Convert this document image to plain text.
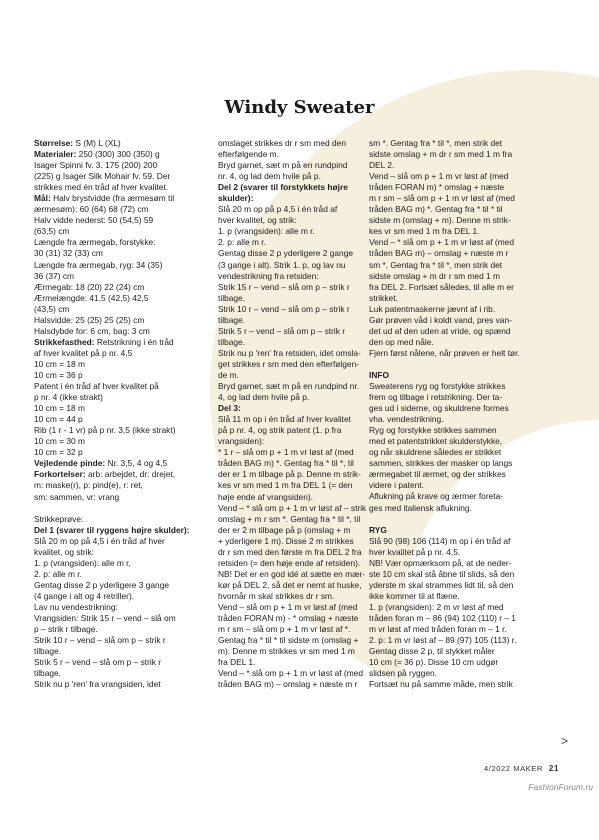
Windy Sweater
Størrelse: S (M) L (XL)
Materialer: 250 (300) 300 (350) g
Isager Spinni fv. 3. 175 (200) 200
(225) g Isager Silk Mohair fv. 59. Der
strikkes med én tråd af hver kvalitet.
Mål: Halv brystvidde (fra ærmesøm til
ærmesøm): 60 (64) 68 (72) cm
Halv vidde nederst: 50 (54,5) 59
(63,5) cm
Længde fra ærmegab, forstykke:
30 (31) 32 (33) cm
Længde fra ærmegab, ryg: 34 (35)
36 (37) cm
Ærmegab: 18 (20) 22 (24) cm
Ærmelængde: 41,5 (42,5) 42,5
(43,5) cm
Halsvidde: 25 (25) 25 (25) cm
Halsdybde for: 6 cm, bag: 3 cm
Strikkefasthed: Retstrikning i én tråd
af hver kvalitet på p nr. 4,5
10 cm = 18 m
10 cm = 36 p
Patent i én tråd af hver kvalitet på
p nr. 4 (ikke strakt)
10 cm = 18 m
10 cm = 44 p
Rib (1 r - 1 vr) på p nr. 3,5 (ikke strakt)
10 cm = 30 m
10 cm = 32 p
Vejledende pinde: Nr. 3,5, 4 og 4,5
Forkortelser: arb: arbejdet, dr: drejet,
m: maske(r), p: pind(e), r: ret,
sm: sammen, vr: vrang
Strikkeprøve:
Del 1 (svarer til ryggens højre skulder):
Slå 20 m op på 4,5 i én tråd af hver
kvalitet, og strik:
1. p (vrangsiden): alle m r.
2. p: alle m r.
Gentag disse 2 p yderligere 3 gange
(4 gange i alt og 4 retriller).
Lav nu vendestrikning:
Vrangsiden: Strik 15 r – vend – slå om
p – strik r tilbage.
Strik 10 r – vend – slå om p – strik r
tilbage.
Strik 5 r – vend – slå om p – strik r
tilbage.
Strik nu p 'ren' fra vrangsiden, idet
omslaget strikkes dr r sm med den
efterfølgende m.
Bryd garnet, sæt m på en rundpind
nr. 4, og lad dem hvile på p.
Del 2 (svarer til forstykkets højre
skulder):
Slå 20 m op på p 4,5 i én tråd af
hver kvalitet, og strik:
1. p (vrangsiden): alle m r.
2. p: alle m r.
Gentag disse 2 p yderligere 2 gange
(3 gange i alt). Strik 1. p, og lav nu
vendestrikning fra retsiden:
Strik 15 r – vend – slå om p – strik r
tilbage.
Strik 10 r – vend – slå om p – strik r
tilbage.
Strik 5 r – vend – slå om p – strik r
tilbage.
Strik nu p 'ren' fra retsiden, idet omsla-
get strikkes r sm med den efterfølgen-
de m.
Bryd garnet, sæt m på en rundpind nr.
4, og lad dem hvile på p.
Del 3:
Slå 11 m op i én tråd af hver kvalitet
på p nr. 4, og strik patent (1. p fra
vrangsiden):
* 1 r – slå om p + 1 m vr løst af (med
tråden BAG m) *. Gentag fra * til *, til
der er 1 m tilbage på p. Denne m strik-
kes vr sm med 1 m fra DEL 1 (= den
høje ende af vrangsiden).
Vend – * slå om p + 1 m vr løst af – strik
omslag + m r sm *. Gentag fra * til *, til
der er 2 m tilbage på p (omslag + m
+ yderligere 1 m). Disse 2 m strikkes
dr r sm med den første m fra DEL 2 fra
retsiden (= den høje ende af retsiden).
NB! Det er en god idé at sætte en mær-
kør på DEL 2, så det er nemt at huske,
hvornår m skal strikkes dr r sm.
Vend – slå om p + 1 m vr løst af (med
tråden FORAN m) - * omslag + næste
m r sm – slå om p + 1 m vr løst af *.
Gentag fra * til * til sidste m (omslag +
m). Denne m strikkes vr sm med 1 m
fra DEL 1.
Vend – * slå om p + 1 m vr løst af (med
tråden BAG m) – omslag + næste m r
sm *. Gentag fra * til *, men strik det
sidste omslag + m dr r sm med 1 m fra
DEL 2.
Vend – slå om p + 1 m vr løst af (med
tråden FORAN m) * omslag + næste
m r sm – slå om p + 1 m vr løst af (med
tråden BAG m) *. Gentag fra * til * til
sidste m (omslag + m). Denne m strik-
kes vr sm med 1 m fra DEL 1.
Vend – * slå om p + 1 m vr løst af (med
tråden BAG m) – omslag + næste m r
sm *. Gentag fra * til *, men strik det
sidste omslag + m dr r sm med 1 m
fra DEL 2. Fortsæt således, til alle m er
strikket.
Luk patentmaskerne jævnt af i rib.
Gør prøven våd i koldt vand, pres van-
det ud af den uden at vride, og spænd
den op med nåle.
Fjern først nålene, når prøven er helt tør.
INFO
Sweaterens ryg og forstykke strikkes
frem og tilbage i retstrikning. Der ta-
ges ud i siderne, og skuldrene formes
vha. vendestrikning.
Ryg og forstykke strikkes sammen
med et patentstrikket skulderstykke,
og når skuldrene således er strikket
sammen, strikkes der masker op langs
ærmegabet til ærmet, og der strikkes
videre i patent.
Aflukning på krave og ærmer foreta-
ges med italiensk aflukning.
RYG
Slå 90 (98) 106 (114) m op i én tråd af
hver kvalitet på p nr. 4,5.
NB! Vær opmærksom på, at de neder-
ste 10 cm skal stå åbne til slids, så den
yderste m skal strammes lidt til, så den
ikke kommer til at flæne.
1. p (vrangsiden): 2 m vr løst af med
tråden foran m – 86 (94) 102 (110) r – 1
m vr løst af med tråden foran m – 1 r.
2. p: 1 m vr løst af – 89 (97) 105 (113) r.
Gentag disse 2 p, til stykket måler
10 cm (= 36 p). Disse 10 cm udgør
slidsen på ryggen.
Fortsæt nu på samme måde, men strik
>
4/2022 MAKER 21
FashionForum.ru
